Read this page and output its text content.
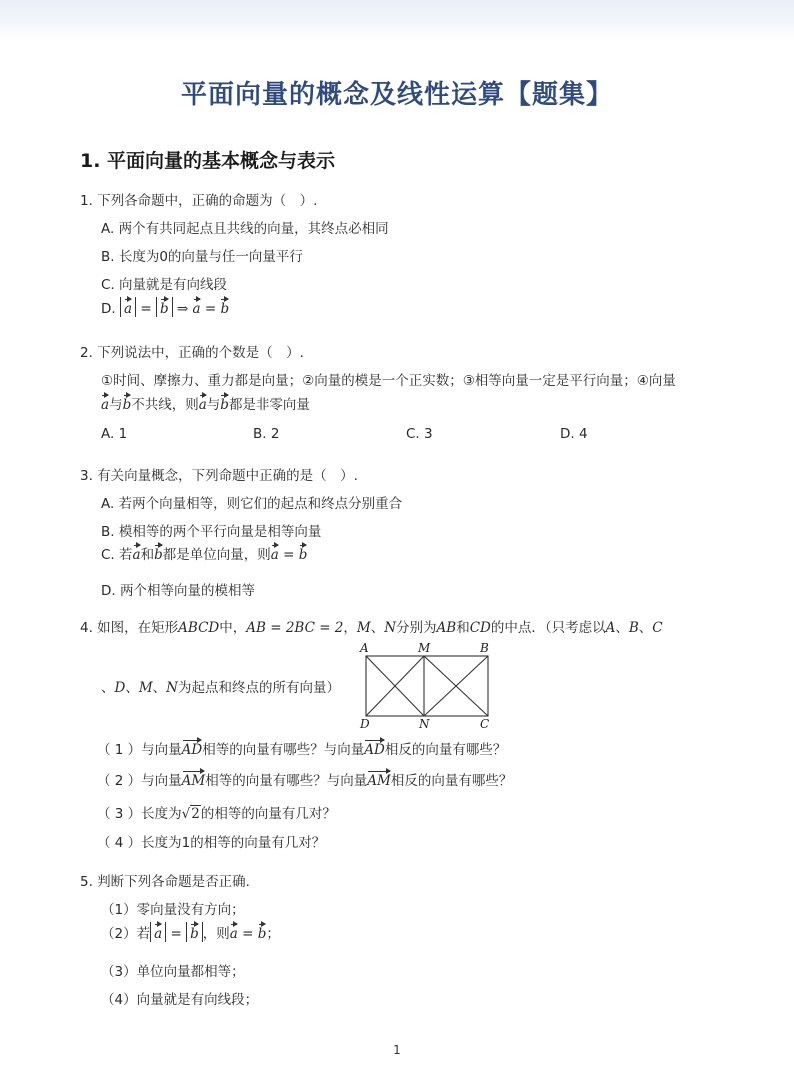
平面向量的概念及线性运算【题集】
1. 平面向量的基本概念与表示
1. 下列各命题中，正确的命题为（　）.
A. 两个有共同起点且共线的向量，其终点必相同
B. 长度为0的向量与任一向量平行
C. 向量就是有向线段
D. a = b ⇒ a = b
2. 下列说法中，正确的个数是（　）.
①时间、摩擦力、重力都是向量；②向量的模是一个正实数；③相等向量一定是平行向量；④向量
a与b不共线，则a与b都是非零向量
A. 1	B. 2	C. 3	D. 4
3. 有关向量概念，下列命题中正确的是（　）.
A. 若两个向量相等，则它们的起点和终点分别重合
B. 模相等的两个平行向量是相等向量
C. 若a和b都是单位向量，则a = b
D. 两个相等向量的模相等
4. 如图，在矩形ABCD中，AB = 2BC = 2，M、N分别为AB和CD的中点．（只考虑以A、B、C
、D、M、N为起点和终点的所有向量）
A	M	B
D	N	C
（ 1 ）与向量AD相等的向量有哪些？与向量AD相反的向量有哪些？
（ 2 ）与向量AM相等的向量有哪些？与向量AM相反的向量有哪些？
（ 3 ）长度为√2的相等的向量有几对？
（ 4 ）长度为1的相等的向量有几对？
5. 判断下列各命题是否正确．
（1）零向量没有方向；
（2）若 a = b ，则a = b；
（3）单位向量都相等；
（4）向量就是有向线段；
1
